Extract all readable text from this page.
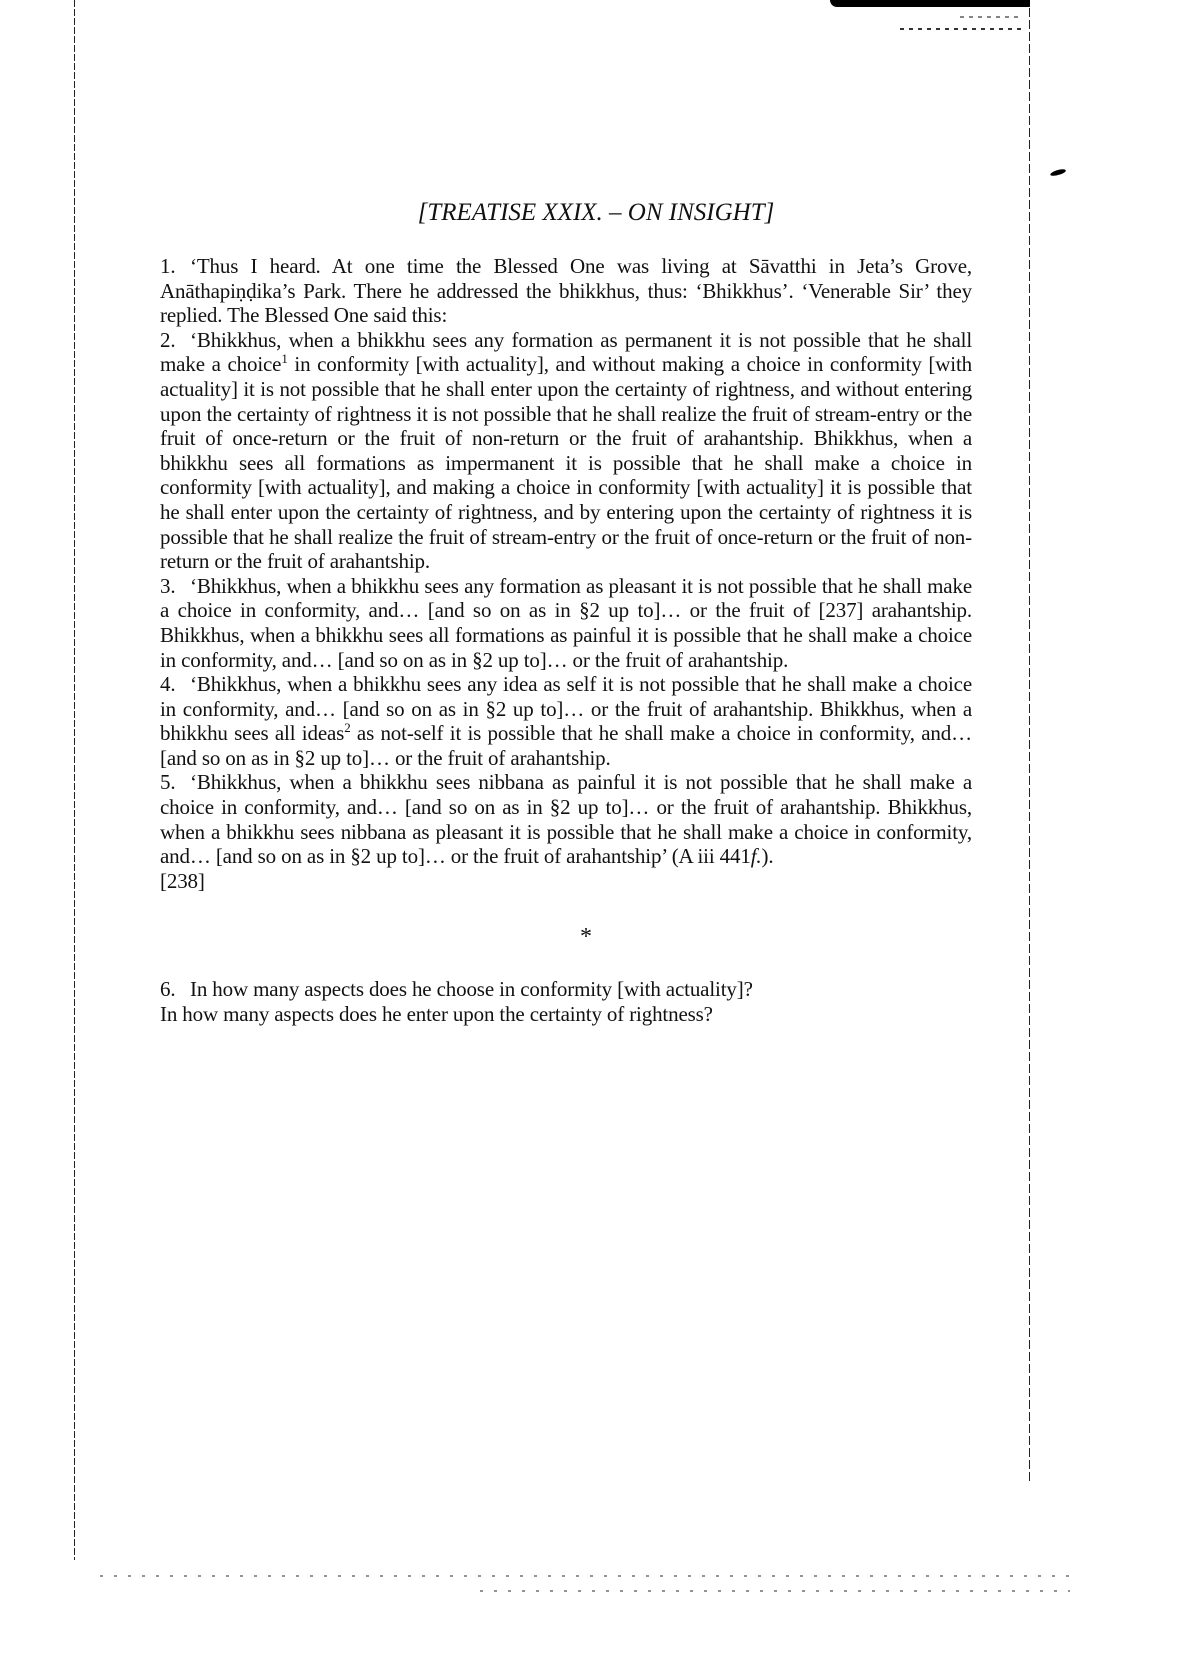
[TREATISE XXIX. – ON INSIGHT]

1. ‘Thus I heard. At one time the Blessed One was living at Sāvatthi in Jeta’s Grove, Anāthapiṇḍika’s Park. There he addressed the bhikkhus, thus: ‘Bhikkhus’. ‘Venerable Sir’ they replied. The Blessed One said this:

2. ‘Bhikkhus, when a bhikkhu sees any formation as permanent it is not possible that he shall make a choice$^1$ in conformity [with actuality], and without making a choice in conformity [with actuality] it is not possible that he shall enter upon the certainty of rightness, and without entering upon the certainty of rightness it is not possible that he shall realize the fruit of stream-entry or the fruit of once-return or the fruit of non-return or the fruit of arahantship. Bhikkhus, when a bhikkhu sees all formations as impermanent it is possible that he shall make a choice in conformity [with actuality], and making a choice in conformity [with actuality] it is possible that he shall enter upon the certainty of rightness, and by entering upon the certainty of rightness it is possible that he shall realize the fruit of stream-entry or the fruit of once-return or the fruit of non-return or the fruit of arahantship.

3. ‘Bhikkhus, when a bhikkhu sees any formation as pleasant it is not possible that he shall make a choice in conformity, and… [and so on as in §2 up to]… or the fruit of [237] arahantship. Bhikkhus, when a bhikkhu sees all formations as painful it is possible that he shall make a choice in conformity, and… [and so on as in §2 up to]… or the fruit of arahantship.

4. ‘Bhikkhus, when a bhikkhu sees any idea as self it is not possible that he shall make a choice in conformity, and… [and so on as in §2 up to]… or the fruit of arahantship. Bhikkhus, when a bhikkhu sees all ideas$^2$ as not-self it is possible that he shall make a choice in conformity, and… [and so on as in §2 up to]… or the fruit of arahantship.

5. ‘Bhikkhus, when a bhikkhu sees nibbana as painful it is not possible that he shall make a choice in conformity, and… [and so on as in §2 up to]… or the fruit of arahantship. Bhikkhus, when a bhikkhu sees nibbana as pleasant it is possible that he shall make a choice in conformity, and… [and so on as in §2 up to]… or the fruit of arahantship’ (A iii 441f.).
[238]

*

6. In how many aspects does he choose in conformity [with actuality]?
In how many aspects does he enter upon the certainty of rightness?
